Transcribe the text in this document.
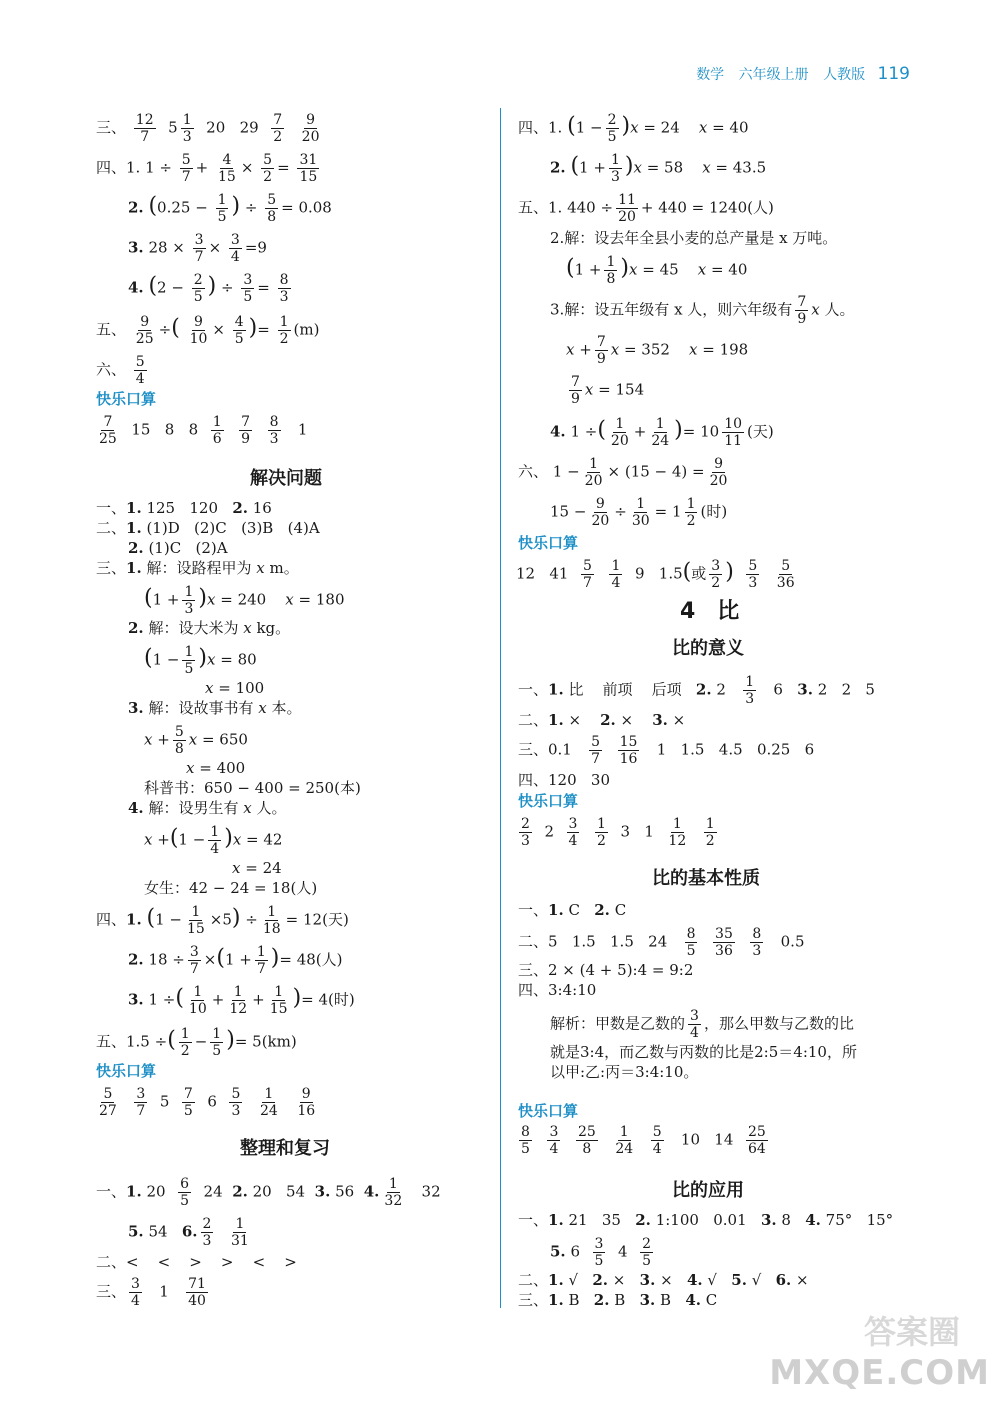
数学 六年级上册 人教版 119
三、 $\frac{12}{7} 5 \frac{1}{3} 20$   $29 \frac{7}{2}$
$\frac{9}{20}$
四、1. $1 \div \frac{5}{7} + \frac{4}{15} \times \frac{5}{2} = \frac{31}{15}$
2. ($0.25 - \frac{1}{5}$ ) ÷ $\frac{5}{8} = 0.08$
3. $28 \times \frac{3}{7} \times \frac{3}{4} =9$
4. ($2 - \frac{2}{5}$ ) ÷ $\frac{3}{5} = \frac{8}{3}$
五、 $\frac{9}{25}$ ÷( $\frac{9}{10} \times \frac{4}{5}$ )= $\frac{1}{2} (m)$
六、 $\frac{5}{4}$
快乐口算
$\frac{7}{25} 15$   8   $8 \frac{1}{6}$
$\frac{7}{9}$
$\frac{8}{3} 1$
解决问题
一、1. 125   120   2. 16
二、1. (1)D   (2)C   (3)B   (4)A
2. (1)C   (2)A
三、1. 解：设路程甲为 x m。
$(1 + \frac{1}{3} )x = 240$    x = 180
2. 解：设大米为 x kg。
$(1 - \frac{1}{5} )x = 80$
x = 100
3. 解：设故事书有 x 本。
$x + \frac{5}{8}$ x = 650
x = 400
科普书：650 − 400 = 250(本)
4. 解：设男生有 x 人。
$x +(1 - \frac{1}{4} )x = 42$
x = 24
女生：42 − 24 = 18(人)
四、1. $(1 - \frac{1}{15} \times 5) \div \frac{1}{18} = 12$(天)
2. $18 \div \frac{3}{7} \times(1 + \frac{1}{7}$ )= 48(人)
3. 1 ÷( $\frac{1}{10} + \frac{1}{12} + \frac{1}{15}$ )= 4(时)
五、1.5 ÷( $\frac{1}{2} - \frac{1}{5}$ )= 5(km)
快乐口算
$\frac{5}{27}$
$\frac{3}{7} 5 \frac{7}{5} 6 \frac{5}{3}$
$\frac{1}{24}$
$\frac{9}{16}$
整理和复习
一、1. $20 \frac{6}{5} 24$  2. 20   54  3. 56  4. $\frac{1}{32} 32$
5. 54   6. $\frac{2}{3}$
$\frac{1}{31}$
二、<    <    >    >    <    >
三、 $\frac{3}{4} 1 \frac{71}{40}$
四、1. $(1 - \frac{2}{5} )x = 24$    x = 40
2. $(1 + \frac{1}{3} )x = 58$    x = 43.5
五、1. $440 \div \frac{11}{20} + 440 = 1240$(人)
2.解：设去年全县小麦的总产量是 x 万吨。
$(1 + \frac{1}{8} )x = 45$    x = 40
3.解：设五年级有 x 人，则六年级有 $\frac{7}{9}$ x 人。
$x + \frac{7}{9}$ x = 352    x = 198
$\frac{7}{9}$ x = 154
4. 1 ÷( $\frac{1}{20} + \frac{1}{24}$ )= $10 \frac{10}{11}$ (天)
六、 $1 - \frac{1}{20} \times (15 - 4) = \frac{9}{20}$
$15 - \frac{9}{20} \div \frac{1}{30} = 1 \frac{1}{2}$ (时)
快乐口算
12   $41 \frac{5}{7}$
$\frac{1}{4} 9$   1.5(或 $\frac{3}{2}$ ) $\frac{5}{3}$
$\frac{5}{36}$
4　比
比的意义
一、1. 比    前项    后项   2. $2 \frac{1}{3} 6$   3. 2   2   5
二、1. ×    2. ×    3. ×
三、$0.1 \frac{5}{7}$
$\frac{15}{16} 1$   1.5   4.5   0.25   6
四、120   30
快乐口算
$\frac{2}{3} 2 \frac{3}{4}$
$\frac{1}{2} 3$   $1 \frac{1}{12}$
$\frac{1}{2}$
比的基本性质
一、1. C   2. C
二、5   1.5   1.5   $24 \frac{8}{5}$
$\frac{35}{36}$
$\frac{8}{3} 0.5$
三、2 × (4 + 5):4 = 9:2
四、3:4:10
解析：甲数是乙数的 $\frac{3}{4}$ ，那么甲数与乙数的比
就是3:4，而乙数与丙数的比是2:5＝4:10，所
以甲:乙:丙＝3:4:10。
快乐口算
$\frac{8}{5}$
$\frac{3}{4}$
$\frac{25}{8}$
$\frac{1}{24}$
$\frac{5}{4} 10$   $14 \frac{25}{64}$
比的应用
一、1. 21   35   2. 1:100   0.01   3. 8   4. 75°   15°
5. $6 \frac{3}{5} 4 \frac{2}{5}$
二、1. √   2. ×   3. ×   4. √   5. √   6. ×
三、1. B   2. B   3. B   4. C
答案圈
MXQE.COM
